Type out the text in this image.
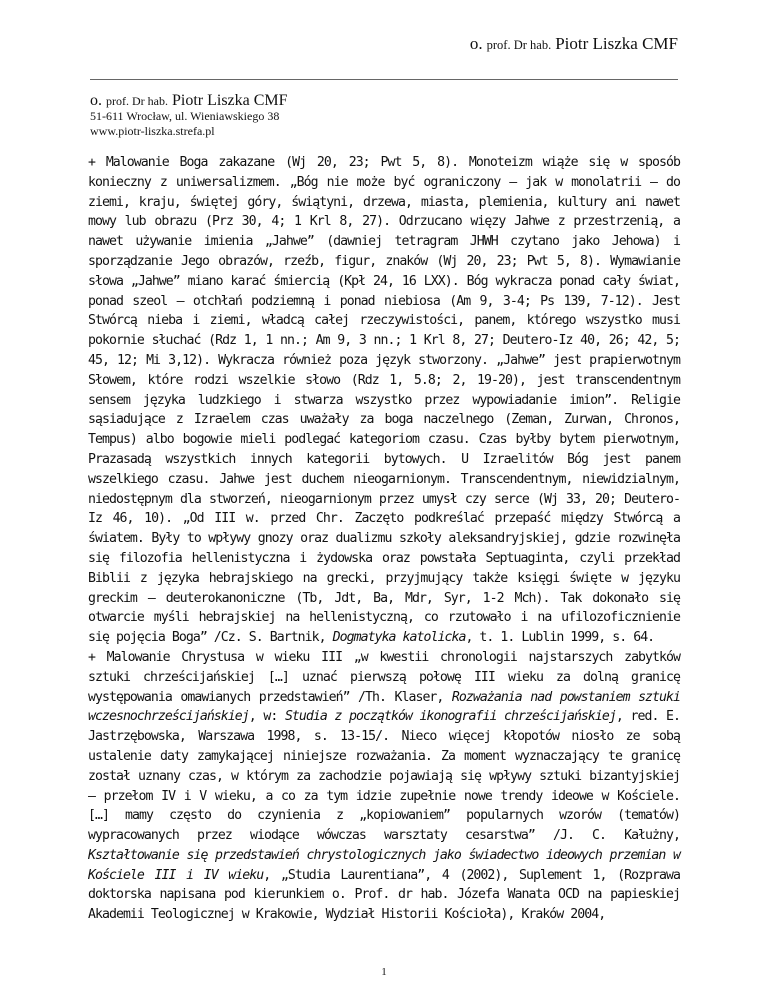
o. prof. Dr hab. Piotr Liszka CMF
o. prof. Dr hab. Piotr Liszka CMF
51-611 Wrocław, ul. Wieniawskiego 38
www.piotr-liszka.strefa.pl

+ Malowanie Boga zakazane (Wj 20, 23; Pwt 5, 8). Monoteizm wiąże się w sposób konieczny z uniwersalizmem. „Bóg nie może być ograniczony – jak w monolatrii – do ziemi, kraju, świętej góry, świątyni, drzewa, miasta, plemienia, kultury ani nawet mowy lub obrazu (Prz 30, 4; 1 Krl 8, 27). Odrzucano więzy Jahwe z przestrzenią, a nawet używanie imienia „Jahwe” (dawniej tetragram JHWH czytano jako Jehowa) i sporządzanie Jego obrazów, rzeźb, figur, znaków (Wj 20, 23; Pwt 5, 8). Wymawianie słowa „Jahwe” miano karać śmiercią (Kpł 24, 16 LXX). Bóg wykracza ponad cały świat, ponad szeol – otchłań podziemną i ponad niebiosa (Am 9, 3-4; Ps 139, 7-12). Jest Stwórcą nieba i ziemi, władcą całej rzeczywistości, panem, którego wszystko musi pokornie słuchać (Rdz 1, 1 nn.; Am 9, 3 nn.; 1 Krl 8, 27; Deutero-Iz 40, 26; 42, 5; 45, 12; Mi 3,12). Wykracza również poza język stworzony. „Jahwe” jest prapierwotnym Słowem, które rodzi wszelkie słowo (Rdz 1, 5.8; 2, 19-20), jest transcendentnym sensem języka ludzkiego i stwarza wszystko przez wypowiadanie imion”. Religie sąsiadujące z Izraelem czas uważały za boga naczelnego (Zeman, Zurwan, Chronos, Tempus) albo bogowie mieli podlegać kategoriom czasu. Czas byłby bytem pierwotnym, Prazasadą wszystkich innych kategorii bytowych. U Izraelitów Bóg jest panem wszelkiego czasu. Jahwe jest duchem nieogarnionym. Transcendentnym, niewidzialnym, niedostępnym dla stworzeń, nieogarnionym przez umysł czy serce (Wj 33, 20; Deutero-Iz 46, 10). „Od III w. przed Chr. Zaczęto podkreślać przepaść między Stwórcą a światem. Były to wpływy gnozy oraz dualizmu szkoły aleksandryjskiej, gdzie rozwinęła się filozofia hellenistyczna i żydowska oraz powstała Septuaginta, czyli przekład Biblii z języka hebrajskiego na grecki, przyjmujący także księgi święte w języku greckim – deuterokanoniczne (Tb, Jdt, Ba, Mdr, Syr, 1-2 Mch). Tak dokonało się otwarcie myśli hebrajskiej na hellenistyczną, co rzutowało i na ufilozoficznienie się pojęcia Boga” /Cz. S. Bartnik, Dogmatyka katolicka, t. 1. Lublin 1999, s. 64.

+ Malowanie Chrystusa w wieku III „w kwestii chronologii najstarszych zabytków sztuki chrześcijańskiej […] uznać pierwszą połowę III wieku za dolną granicę występowania omawianych przedstawień” /Th. Klaser, Rozważania nad powstaniem sztuki wczesnochrześcijańskiej, w: Studia z początków ikonografii chrześcijańskiej, red. E. Jastrzębowska, Warszawa 1998, s. 13-15/. Nieco więcej kłopotów niosło ze sobą ustalenie daty zamykającej niniejsze rozważania. Za moment wyznaczający te granicę został uznany czas, w którym za zachodzie pojawiają się wpływy sztuki bizantyjskiej – przełom IV i V wieku, a co za tym idzie zupełnie nowe trendy ideowe w Kościele. […] mamy często do czynienia z „kopiowaniem” popularnych wzorów (tematów) wypracowanych przez wiodące wówczas warsztaty cesarstwa” /J. C. Kałużny, Kształtowanie się przedstawień chrystologicznych jako świadectwo ideowych przemian w Kościele III i IV wieku, „Studia Laurentiana”, 4 (2002), Suplement 1, (Rozprawa doktorska napisana pod kierunkiem o. Prof. dr hab. Józefa Wanata OCD na papieskiej Akademii Teologicznej w Krakowie, Wydział Historii Kościoła), Kraków 2004,

1
